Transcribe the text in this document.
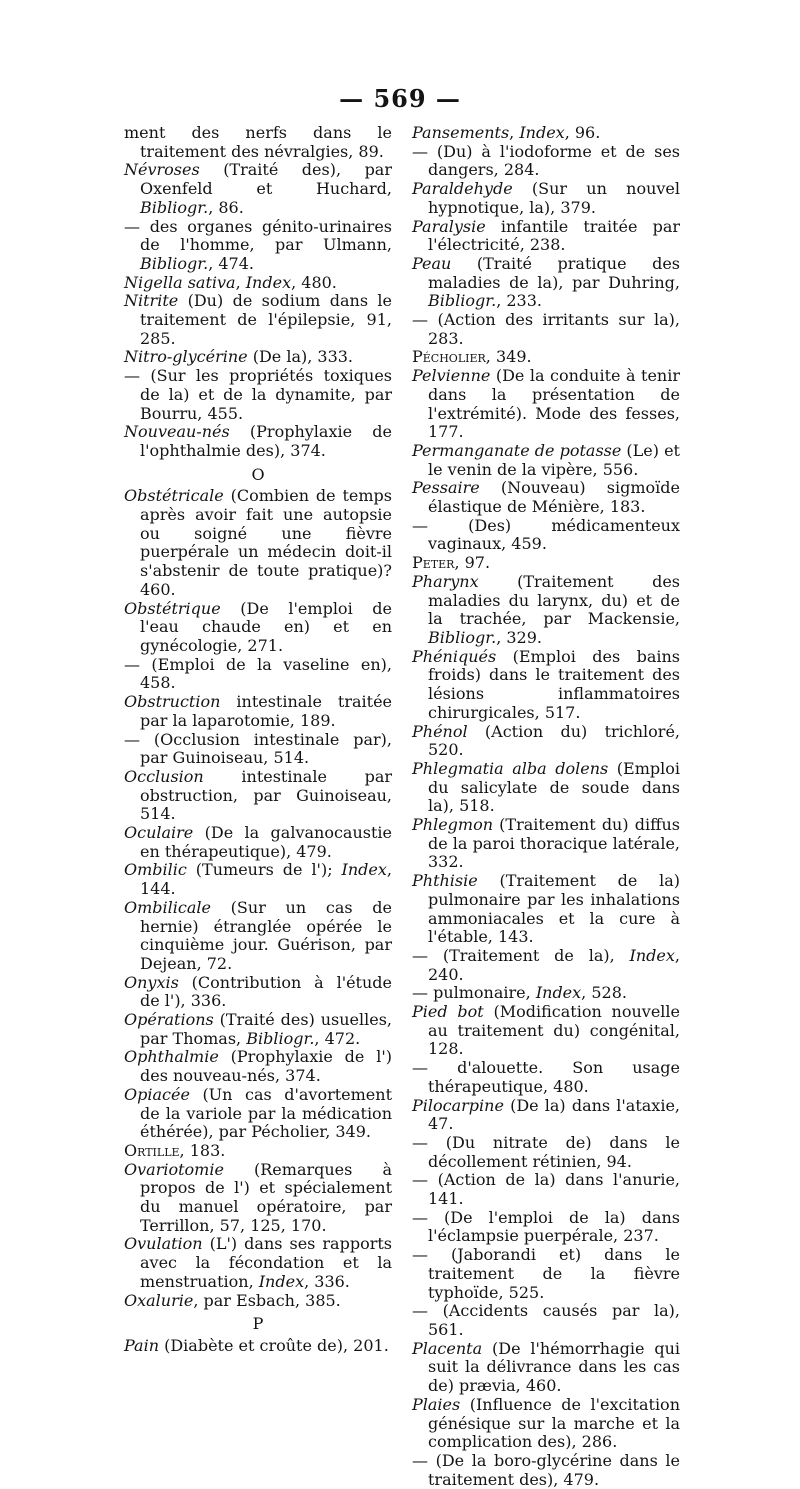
— 569 —

ment des nerfs dans le traitement des névralgies, 89.

Névroses (Traité des), par Oxenfeld et Huchard, Bibliogr., 86.

— des organes génito-urinaires de l'homme, par Ulmann, Bibliogr., 474.

Nigella sativa, Index, 480.

Nitrite (Du) de sodium dans le traitement de l'épilepsie, 91, 285.

Nitro-glycérine (De la), 333.

— (Sur les propriétés toxiques de la) et de la dynamite, par Bourru, 455.

Nouveau-nés (Prophylaxie de l'ophthalmie des), 374.

O

Obstétricale (Combien de temps après avoir fait une autopsie ou soigné une fièvre puerpérale un médecin doit-il s'abstenir de toute pratique)? 460.

Obstétrique (De l'emploi de l'eau chaude en) et en gynécologie, 271.

— (Emploi de la vaseline en), 458.

Obstruction intestinale traitée par la laparotomie, 189.

— (Occlusion intestinale par), par Guinoiseau, 514.

Occlusion intestinale par obstruction, par Guinoiseau, 514.

Oculaire (De la galvanocaustie en thérapeutique), 479.

Ombilic (Tumeurs de l'); Index, 144.

Ombilicale (Sur un cas de hernie) étranglée opérée le cinquième jour. Guérison, par Dejean, 72.

Onyxis (Contribution à l'étude de l'), 336.

Opérations (Traité des) usuelles, par Thomas, Bibliogr., 472.

Ophthalmie (Prophylaxie de l') des nouveau-nés, 374.

Opiacée (Un cas d'avortement de la variole par la médication éthérée), par Pécholier, 349.

Ortille, 183.

Ovariotomie (Remarques à propos de l') et spécialement du manuel opératoire, par Terrillon, 57, 125, 170.

Ovulation (L') dans ses rapports avec la fécondation et la menstruation, Index, 336.

Oxalurie, par Esbach, 385.

P

Pain (Diabète et croûte de), 201.

Pansements, Index, 96.

— (Du) à l'iodoforme et de ses dangers, 284.

Paraldehyde (Sur un nouvel hypnotique, la), 379.

Paralysie infantile traitée par l'électricité, 238.

Peau (Traité pratique des maladies de la), par Duhring, Bibliogr., 233.

— (Action des irritants sur la), 283.

Pécholier, 349.

Pelvienne (De la conduite à tenir dans la présentation de l'extrémité). Mode des fesses, 177.

Permanganate de potasse (Le) et le venin de la vipère, 556.

Pessaire (Nouveau) sigmoïde élastique de Ménière, 183.

— (Des) médicamenteux vaginaux, 459.

Peter, 97.

Pharynx (Traitement des maladies du larynx, du) et de la trachée, par Mackensie, Bibliogr., 329.

Phéniqués (Emploi des bains froids) dans le traitement des lésions inflammatoires chirurgicales, 517.

Phénol (Action du) trichloré, 520.

Phlegmatia alba dolens (Emploi du salicylate de soude dans la), 518.

Phlegmon (Traitement du) diffus de la paroi thoracique latérale, 332.

Phthisie (Traitement de la) pulmonaire par les inhalations ammoniacales et la cure à l'étable, 143.

— (Traitement de la), Index, 240.

— pulmonaire, Index, 528.

Pied bot (Modification nouvelle au traitement du) congénital, 128.

— d'alouette. Son usage thérapeutique, 480.

Pilocarpine (De la) dans l'ataxie, 47.

— (Du nitrate de) dans le décollement rétinien, 94.

— (Action de la) dans l'anurie, 141.

— (De l'emploi de la) dans l'éclampsie puerpérale, 237.

— (Jaborandi et) dans le traitement de la fièvre typhoïde, 525.

— (Accidents causés par la), 561.

Placenta (De l'hémorrhagie qui suit la délivrance dans les cas de) prævia, 460.

Plaies (Influence de l'excitation génésique sur la marche et la complication des), 286.

— (De la boro-glycérine dans le traitement des), 479.
